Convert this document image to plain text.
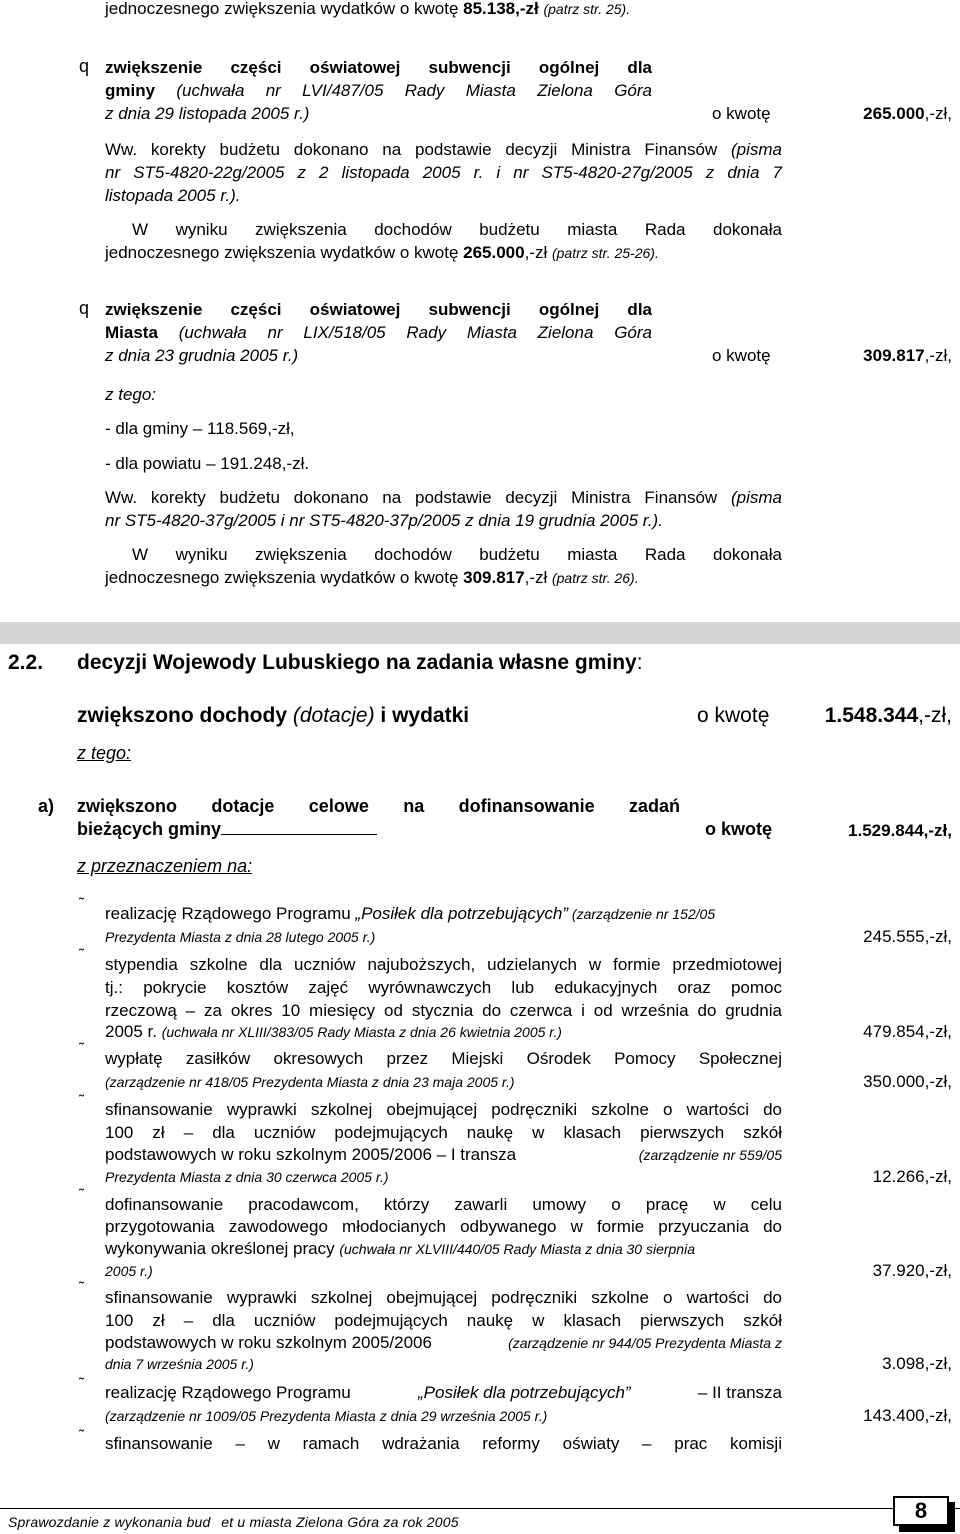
jednoczesnego zwiększenia wydatków o kwotę 85.138,-zł (patrz str. 25).
q zwiększenie części oświatowej subwencji ogólnej dla
gminy (uchwała nr LVI/487/05 Rady Miasta Zielona Góra
z dnia 29 listopada 2005 r.)	o kwotę	265.000,-zł,
Ww. korekty budżetu dokonano na podstawie decyzji Ministra Finansów (pisma
nr ST5-4820-22g/2005 z 2 listopada 2005 r. i nr ST5-4820-27g/2005 z dnia 7
listopada 2005 r.).
W wyniku zwiększenia dochodów budżetu miasta Rada dokonała
jednoczesnego zwiększenia wydatków o kwotę 265.000,-zł (patrz str. 25-26).
q zwiększenie części oświatowej subwencji ogólnej dla
Miasta (uchwała nr LIX/518/05 Rady Miasta Zielona Góra
z dnia 23 grudnia 2005 r.)	o kwotę	309.817,-zł,
z tego:
- dla gminy – 118.569,-zł,
- dla powiatu – 191.248,-zł.
Ww. korekty budżetu dokonano na podstawie decyzji Ministra Finansów (pisma
nr ST5-4820-37g/2005 i nr ST5-4820-37p/2005 z dnia 19 grudnia 2005 r.).
W wyniku zwiększenia dochodów budżetu miasta Rada dokonała
jednoczesnego zwiększenia wydatków o kwotę 309.817,-zł (patrz str. 26).
2.2. decyzji Wojewody Lubuskiego na zadania własne gminy:
zwiększono dochody (dotacje) i wydatki	o kwotę	1.548.344,-zł,
z tego:
a) zwiększono dotacje celowe na dofinansowanie zadań
bieżących gminy	o kwotę	1.529.844,-zł,
z przeznaczeniem na:
˜
realizację Rządowego Programu „Posiłek dla potrzebujących” (zarządzenie nr 152/05
Prezydenta Miasta z dnia 28 lutego 2005 r.)	245.555,-zł,
˜
stypendia szkolne dla uczniów najuboższych, udzielanych w formie przedmiotowej
tj.: pokrycie kosztów zajęć wyrównawczych lub edukacyjnych oraz pomoc
rzeczową – za okres 10 miesięcy od stycznia do czerwca i od września do grudnia
2005 r. (uchwała nr XLIII/383/05 Rady Miasta z dnia 26 kwietnia 2005 r.)	479.854,-zł,
˜
wypłatę zasiłków okresowych przez Miejski Ośrodek Pomocy Społecznej
(zarządzenie nr 418/05 Prezydenta Miasta z dnia 23 maja 2005 r.)	350.000,-zł,
˜ sfinansowanie wyprawki szkolnej obejmującej podręczniki szkolne o wartości do
100 zł – dla uczniów podejmujących naukę w klasach pierwszych szkół
podstawowych w roku szkolnym 2005/2006 – I transza	(zarządzenie nr 559/05
Prezydenta Miasta z dnia 30 czerwca 2005 r.)	12.266,-zł,
˜
dofinansowanie pracodawcom, którzy zawarli umowy o pracę w celu
przygotowania zawodowego młodocianych odbywanego w formie przyuczania do
wykonywania określonej pracy (uchwała nr XLVIII/440/05 Rady Miasta z dnia 30 sierpnia
2005 r.)	37.920,-zł,
˜
sfinansowanie wyprawki szkolnej obejmującej podręczniki szkolne o wartości do
100 zł – dla uczniów podejmujących naukę w klasach pierwszych szkół
podstawowych w roku szkolnym 2005/2006	(zarządzenie nr 944/05 Prezydenta Miasta z
dnia 7 września 2005 r.)	3.098,-zł,
˜ realizację Rządowego Programu	„Posiłek dla potrzebujących”	– II transza
(zarządzenie nr 1009/05 Prezydenta Miasta z dnia 29 września 2005 r.)	143.400,-zł,
˜ sfinansowanie – w ramach wdrażania reformy oświaty – prac komisji
Sprawozdanie z wykonania bud et u miasta Zielona Góra za rok 2005	8
